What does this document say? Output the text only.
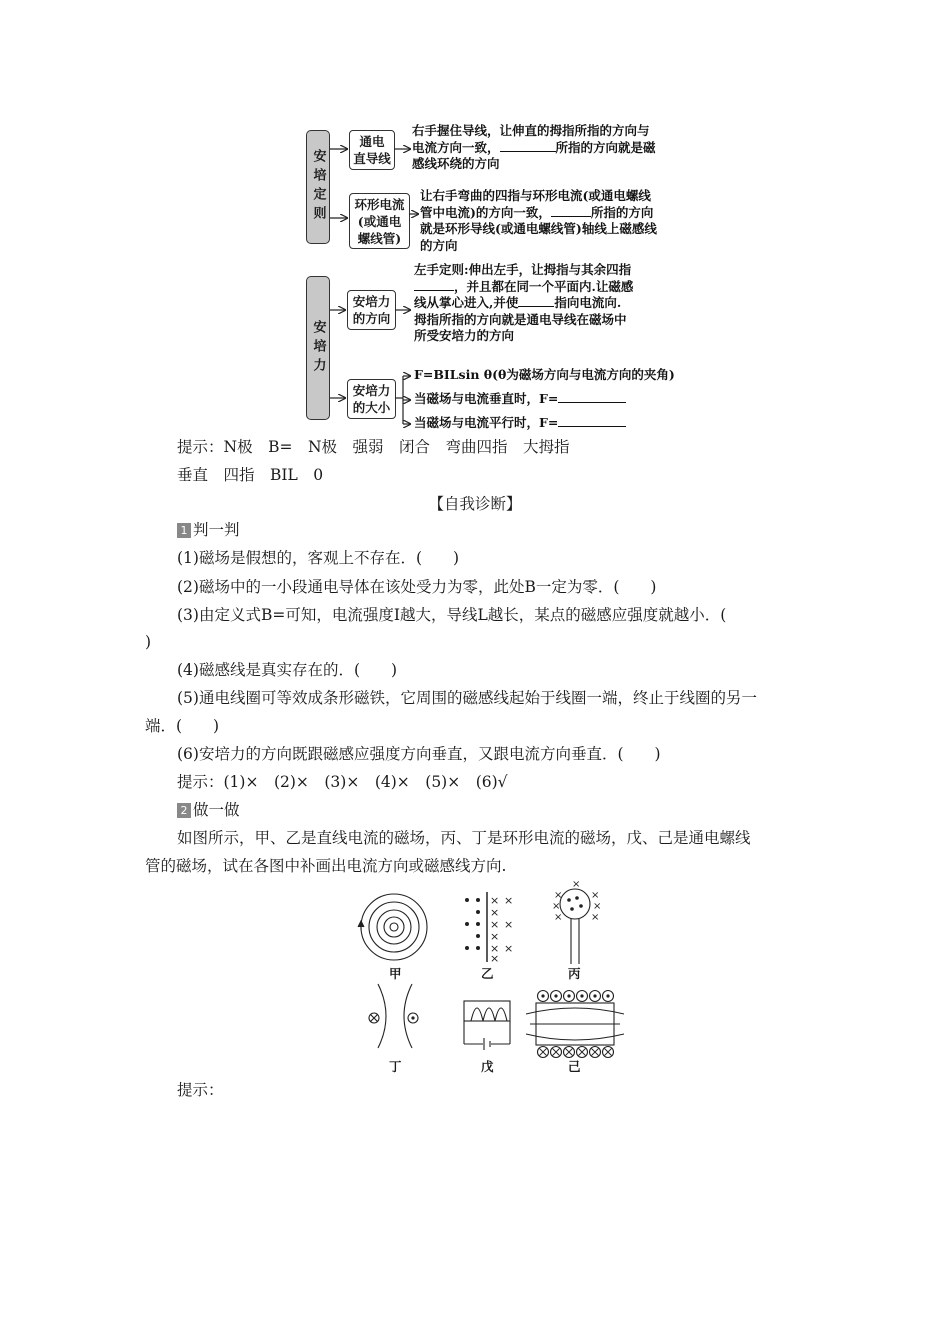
安培定则
安培力
通电
直导线
环形电流
(或通电
螺线管)
安培力
的方向
安培力
的大小
右手握住导线，让伸直的拇指所指的方向与
电流方向一致，	所指的方向就是磁
感线环绕的方向
让右手弯曲的四指与环形电流(或通电螺线
管中电流)的方向一致，	所指的方向
就是环形导线(或通电螺线管)轴线上磁感线
的方向
左手定则:伸出左手，让拇指与其余四指
，并且都在同一个平面内.让磁感
线从掌心进入,并使	指向电流向.
拇指所指的方向就是通电导线在磁场中
所受安培力的方向
F=BILsin θ(θ为磁场方向与电流方向的夹角)
当磁场与电流垂直时，F=
当磁场与电流平行时，F=
提示：N极　B=　N极　强弱　闭合　弯曲四指　大拇指
垂直　四指　BIL　0
【自我诊断】
1 判一判
(1)磁场是假想的，客观上不存在．(　　)
(2)磁场中的一小段通电导体在该处受力为零，此处B一定为零．(　　)
(3)由定义式B=可知，电流强度I越大，导线L越长，某点的磁感应强度就越小．(
)
(4)磁感线是真实存在的．(　　)
(5)通电线圈可等效成条形磁铁，它周围的磁感线起始于线圈一端，终止于线圈的另一
端．(　　)
(6)安培力的方向既跟磁感应强度方向垂直，又跟电流方向垂直．(　　)
提示：(1)×　(2)×　(3)×　(4)×　(5)×　(6)√
2 做一做
如图所示，甲、乙是直线电流的磁场，丙、丁是环形电流的磁场，戊、己是通电螺线
管的磁场，试在各图中补画出电流方向或磁感线方向.
× ×
×
× ×
×
× ×
×
×
×	×
×	×
×	×
甲	乙	丙
丁	戊	己
提示：
